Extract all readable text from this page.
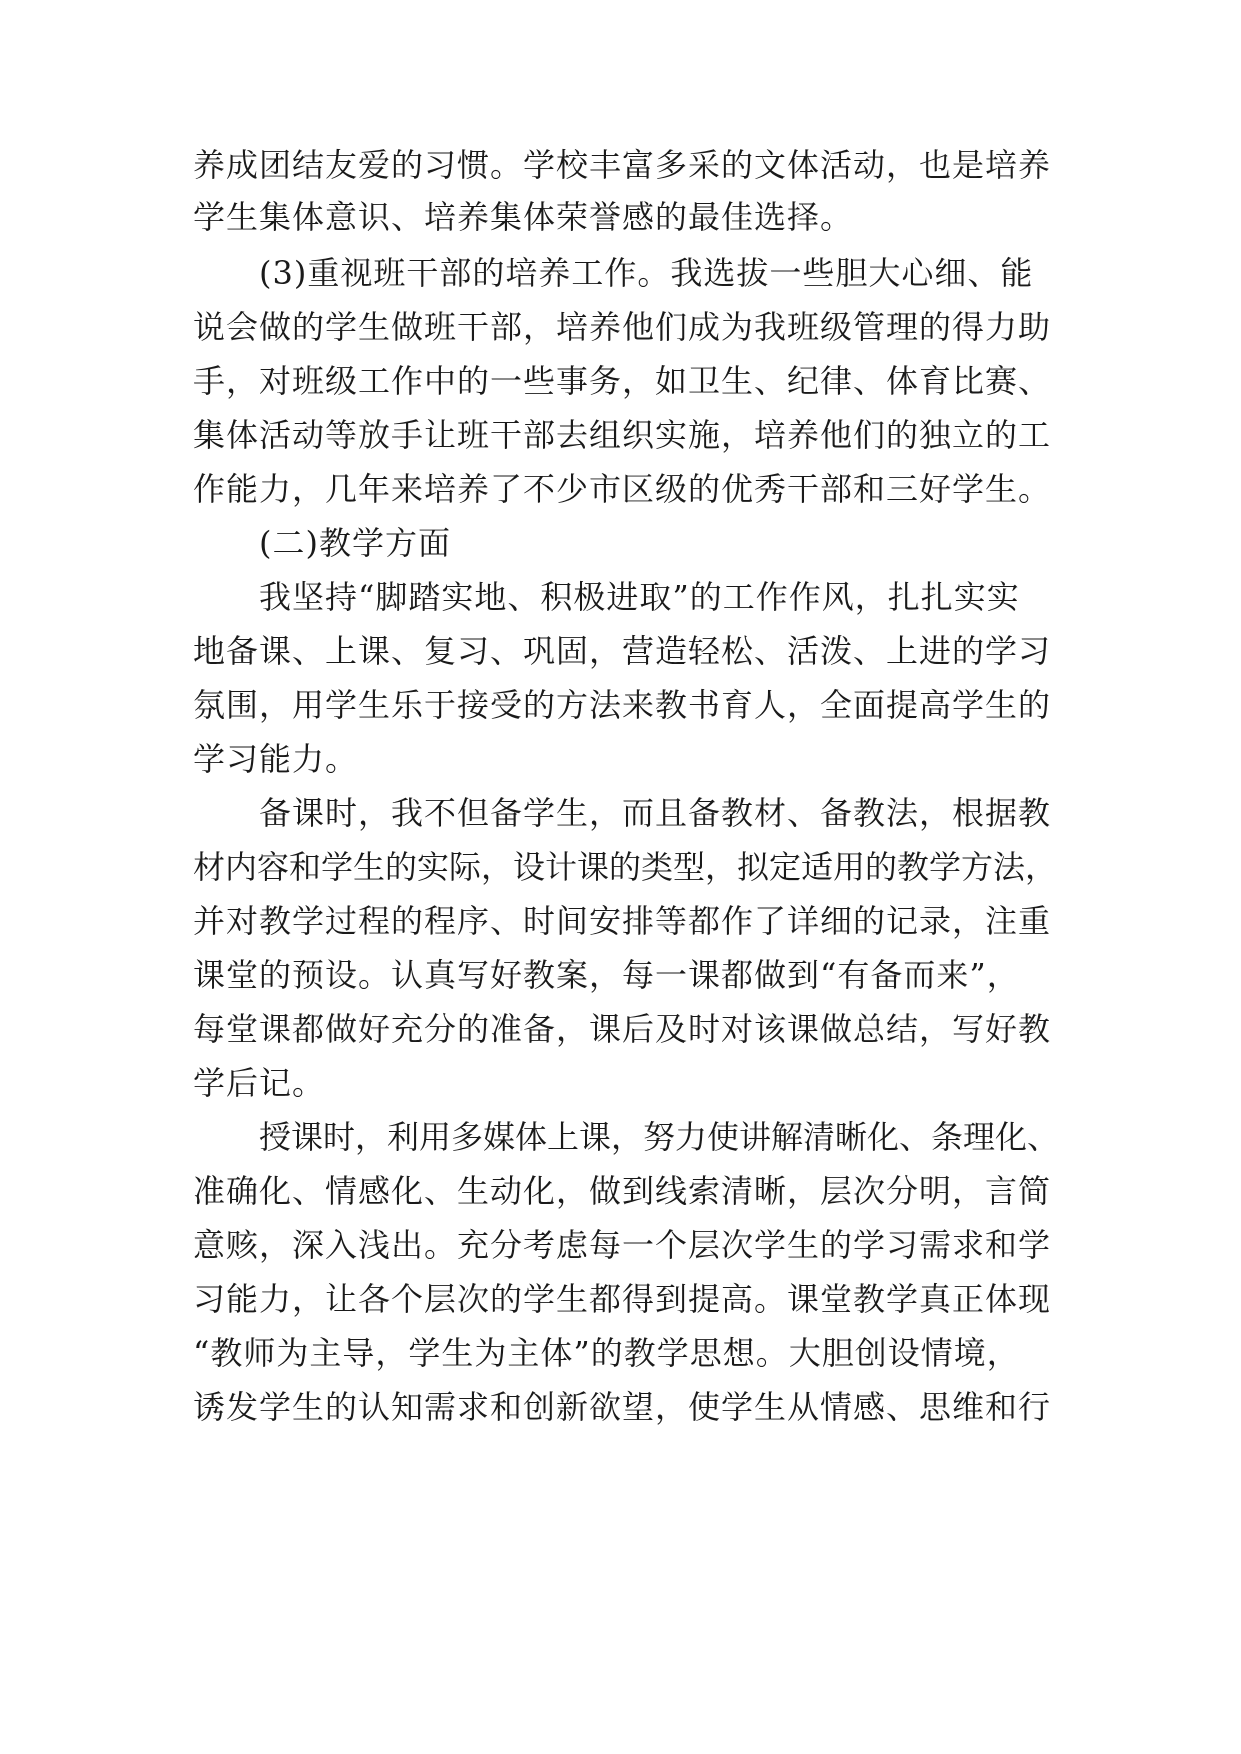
养成团结友爱的习惯。学校丰富多采的文体活动，也是培养

学生集体意识、培养集体荣誉感的最佳选择。

(3)重视班干部的培养工作。我选拔一些胆大心细、能

说会做的学生做班干部，培养他们成为我班级管理的得力助

手，对班级工作中的一些事务，如卫生、纪律、体育比赛、

集体活动等放手让班干部去组织实施，培养他们的独立的工

作能力，几年来培养了不少市区级的优秀干部和三好学生。

(二)教学方面

我坚持“脚踏实地、积极进取”的工作作风，扎扎实实

地备课、上课、复习、巩固，营造轻松、活泼、上进的学习

氛围，用学生乐于接受的方法来教书育人，全面提高学生的

学习能力。

备课时，我不但备学生，而且备教材、备教法，根据教

材内容和学生的实际，设计课的类型，拟定适用的教学方法，

并对教学过程的程序、时间安排等都作了详细的记录，注重

课堂的预设。认真写好教案，每一课都做到“有备而来”，

每堂课都做好充分的准备，课后及时对该课做总结，写好教

学后记。

授课时，利用多媒体上课，努力使讲解清晰化、条理化、

准确化、情感化、生动化，做到线索清晰，层次分明，言简

意赅，深入浅出。充分考虑每一个层次学生的学习需求和学

习能力，让各个层次的学生都得到提高。课堂教学真正体现

“教师为主导，学生为主体”的教学思想。大胆创设情境，

诱发学生的认知需求和创新欲望，使学生从情感、思维和行
